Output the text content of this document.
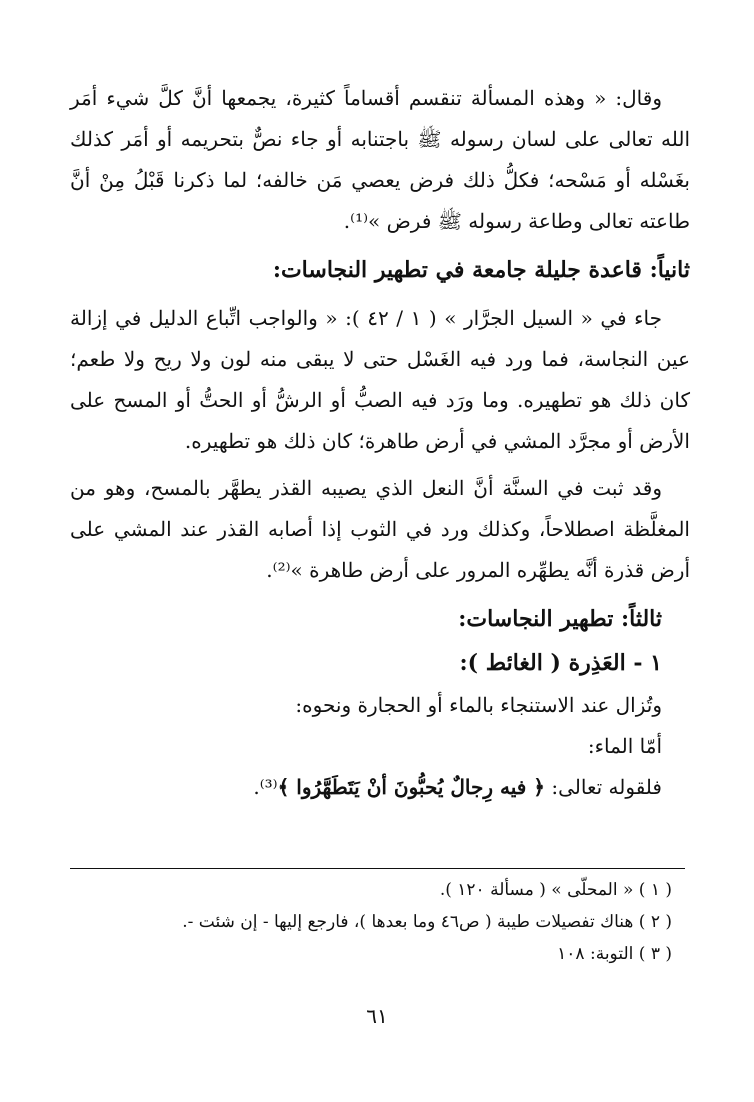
وقال: « وهذه المسألة تنقسم أقساماً كثيرة، يجمعها أنَّ كلَّ شيء أمَر الله تعالى على لسان رسوله ﷺ باجتنابه أو جاء نصٌّ بتحريمه أو أمَر كذلك بغَسْله أو مَسْحه؛ فكلُّ ذلك فرض يعصي مَن خالفه؛ لما ذكرنا قَبْلُ مِنْ أنَّ طاعته تعالى وطاعة رسوله ﷺ فرض »⁽¹⁾.

ثانياً: قاعدة جليلة جامعة في تطهير النجاسات:

جاء في « السيل الجرَّار » ( ١ / ٤٢ ): « والواجب اتِّباع الدليل في إزالة عين النجاسة، فما ورد فيه الغَسْل حتى لا يبقى منه لون ولا ريح ولا طعم؛ كان ذلك هو تطهيره. وما ورَد فيه الصبُّ أو الرشُّ أو الحتُّ أو المسح على الأرض أو مجرَّد المشي في أرض طاهرة؛ كان ذلك هو تطهيره.

وقد ثبت في السنَّة أنَّ النعل الذي يصيبه القذر يطهَّر بالمسح، وهو من المغلَّظة اصطلاحاً، وكذلك ورد في الثوب إذا أصابه القذر عند المشي على أرض قذرة أنَّه يطهِّره المرور على أرض طاهرة »⁽²⁾.

ثالثاً: تطهير النجاسات:
١ - العَذِرة ( الغائط ):

وتُزال عند الاستنجاء بالماء أو الحجارة ونحوه:

أمّا الماء:

فلقوله تعالى: ﴿ فيه رِجالٌ يُحبُّونَ أنْ يَتَطَهَّرُوا ﴾⁽³⁾.

( ١ ) « المحلّى » ( مسألة ١٢٠ ).

( ٢ ) هناك تفصيلات طيبة ( ص٤٦ وما بعدها )، فارجع إليها - إن شئت -.

( ٣ ) التوبة: ١٠٨

٦١
